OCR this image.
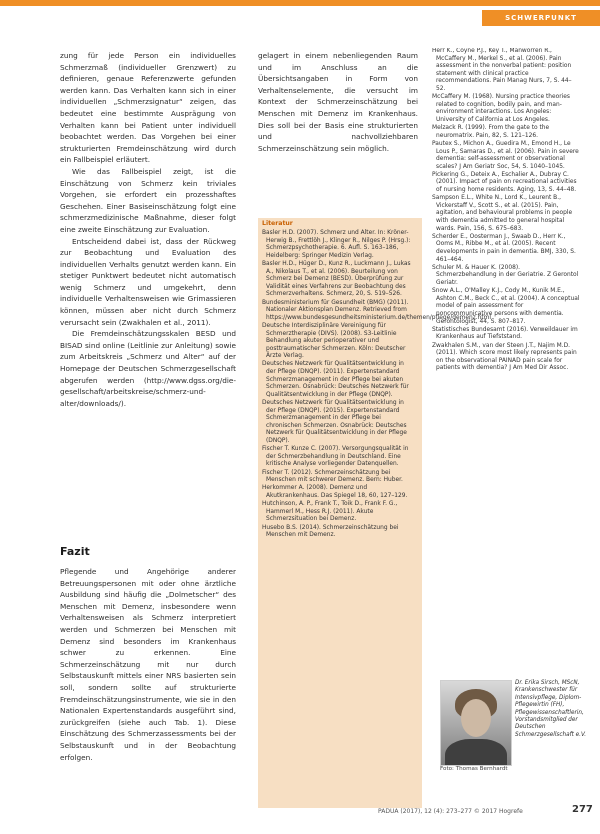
SCHWERPUNKT

zung für jede Person ein individuelles Schmerzmaß (individueller Grenzwert) zu definieren, genaue Referenzwerte gefunden werden kann. Das Verhalten kann sich in einer individuellen „Schmerzsignatur“ zeigen, das bedeutet eine bestimmte Ausprägung von Verhalten kann bei Patient unter individuell beobachtet werden. Das Vorgehen bei einer strukturierten Fremdeinschätzung wird durch ein Fallbeispiel erläutert.

Wie das Fallbeispiel zeigt, ist die Einschätzung von Schmerz kein triviales Vorgehen, sie erfordert ein prozesshaftes Geschehen. Einer Basiseinschätzung folgt eine schmerzmedizinische Maßnahme, dieser folgt eine zweite Einschätzung zur Evaluation.

Entscheidend dabei ist, dass der Rückweg zur Beobachtung und Evaluation des individuellen Verhalts genutzt werden kann. Ein stetiger Punktwert bedeutet nicht automatisch wenig Schmerz und umgekehrt, denn individuelle Verhaltensweisen wie Grimassieren können, müssen aber nicht durch Schmerz verursacht sein (Zwakhalen et al., 2011).

Die Fremdeinschätzungsskalen BESD und BISAD sind online (Leitlinie zur Anleitung) sowie zum Arbeitskreis „Schmerz und Alter“ auf der Homepage der Deutschen Schmerzgesellschaft abgerufen werden (http://www.dgss.org/die-gesellschaft/arbeitskreise/schmerz-und-alter/downloads/).

Fazit

Pflegende und Angehörige anderer Betreuungspersonen mit oder ohne ärztliche Ausbildung sind häufig die „Dolmetscher“ des Menschen mit Demenz, insbesondere wenn Verhaltensweisen als Schmerz interpretiert werden und Schmerzen bei Menschen mit Demenz sind besonders im Krankenhaus schwer zu erkennen. Eine Schmerzeinschätzung mit nur durch Selbstauskunft mittels einer NRS basierten sein soll, sondern sollte auf strukturierte Fremdeinschätzungsinstrumente, wie sie in den Nationalen Expertenstandards ausgeführt sind, zurückgreifen (siehe auch Tab. 1). Diese Einschätzung des Schmerzassessments bei der Selbstauskunft und in der Beobachtung erfolgen.

gelagert in einem nebenliegenden Raum und im Anschluss an die Übersichtsangaben in Form von Verhaltenselemente, die versucht im Kontext der Schmerzeinschätzung bei Menschen mit Demenz im Krankenhaus. Dies soll bei der Basis eine strukturierten und nachvollziehbaren Schmerzeinschätzung sein möglich.

Literatur

Basler H.D. (2007). Schmerz und Alter. In: Kröner-Herwig B., Frettlöh J., Klinger R., Nilges P. (Hrsg.): Schmerzpsychotherapie. 6. Aufl. S. 163–186, Heidelberg: Springer Medizin Verlag.
Basler H.D., Hüger D., Kunz R., Luckmann J., Lukas A., Nikolaus T., et al. (2006). Beurteilung von Schmerz bei Demenz (BESD). Überprüfung zur Validität eines Verfahrens zur Beobachtung des Schmerzverhaltens. Schmerz, 20, S. 519–526.
Bundesministerium für Gesundheit (BMG) (2011). Nationaler Aktionsplan Demenz. Retrieved from https://www.bundesgesundheitsministerium.de/themen/pflege/demenz.html
Deutsche Interdisziplinäre Vereinigung für Schmerztherapie (DIVS). (2008). S3-Leitlinie Behandlung akuter perioperativer und posttraumatischer Schmerzen. Köln: Deutscher Ärzte Verlag.
Deutsches Netzwerk für Qualitätsentwicklung in der Pflege (DNQP). (2011). Expertenstandard Schmerzmanagement in der Pflege bei akuten Schmerzen. Osnabrück: Deutsches Netzwerk für Qualitätsentwicklung in der Pflege (DNQP).
Deutsches Netzwerk für Qualitätsentwicklung in der Pflege (DNQP). (2015). Expertenstandard Schmerzmanagement in der Pflege bei chronischen Schmerzen. Osnabrück: Deutsches Netzwerk für Qualitätsentwicklung in der Pflege (DNQP).
Fischer T. Kunze C. (2007). Versorgungsqualität in der Schmerzbehandlung in Deutschland. Eine kritische Analyse vorliegender Datenquellen.
Fischer T. (2012). Schmerzeinschätzung bei Menschen mit schwerer Demenz. Bern: Huber.
Herkommer A. (2008). Demenz und Akutkrankenhaus. Das Spiegel 18, 60, 127–129.
Hutchinson, A. P., Frank T., Toik D., Frank F. G., Hammerl M., Hess R.J. (2011). Akute Schmerzsituation bei Demenz.
Husebo B.S. (2014). Schmerzeinschätzung bei Menschen mit Demenz.
Herr K., Coyne P.J., Key T., Manworren R., McCaffery M., Merkel S., et al. (2006). Pain assessment in the nonverbal patient: position statement with clinical practice recommendations. Pain Manag Nurs, 7, S. 44–52.
McCaffery M. (1968). Nursing practice theories related to cognition, bodily pain, and man-environment interactions. Los Angeles: University of California at Los Angeles.
Melzack R. (1999). From the gate to the neuromatrix. Pain, 82, S. 121–126.
Pautex S., Michon A., Guedira M., Emond H., Le Lous P., Samaras D., et al. (2006). Pain in severe dementia: self-assessment or observational scales? J Am Geriatr Soc, 54, S. 1040–1045.
Pickering G., Deteix A., Eschalier A., Dubray C. (2001). Impact of pain on recreational activities of nursing home residents. Aging, 13, S. 44–48.
Sampson E.L., White N., Lord K., Leurent B., Vickerstaff V., Scott S., et al. (2015). Pain, agitation, and behavioural problems in people with dementia admitted to general hospital wards. Pain, 156, S. 675–683.
Scherder E., Oosterman J., Swaab D., Herr K., Ooms M., Ribbe M., et al. (2005). Recent developments in pain in dementia. BMJ, 330, S. 461–464.
Schuler M. & Hauer K. (2008). Schmerzbehandlung in der Geriatrie. Z Gerontol Geriatr.
Snow A.L., O'Malley K.J., Cody M., Kunik M.E., Ashton C.M., Beck C., et al. (2004). A conceptual model of pain assessment for noncommunicative persons with dementia. Gerontologist, 44, S. 807–817.
Statistisches Bundesamt (2016). Verweildauer im Krankenhaus auf Tiefststand.
Zwakhalen S.M., van der Steen J.T., Najim M.D. (2011). Which score most likely represents pain on the observational PAINAD pain scale for patients with dementia? J Am Med Dir Assoc.

Foto: Thomas Bernhardt

Dr. Erika Sirsch, MScN, Krankenschwester für Intensivpflege, Diplom-Pflegewirtin (FH), Pflegewissenschaftlerin, Vorstandsmitglied der Deutschen Schmerzgesellschaft e.V.

PADUA (2017), 12 (4): 273–277 © 2017 Hogrefe	277
